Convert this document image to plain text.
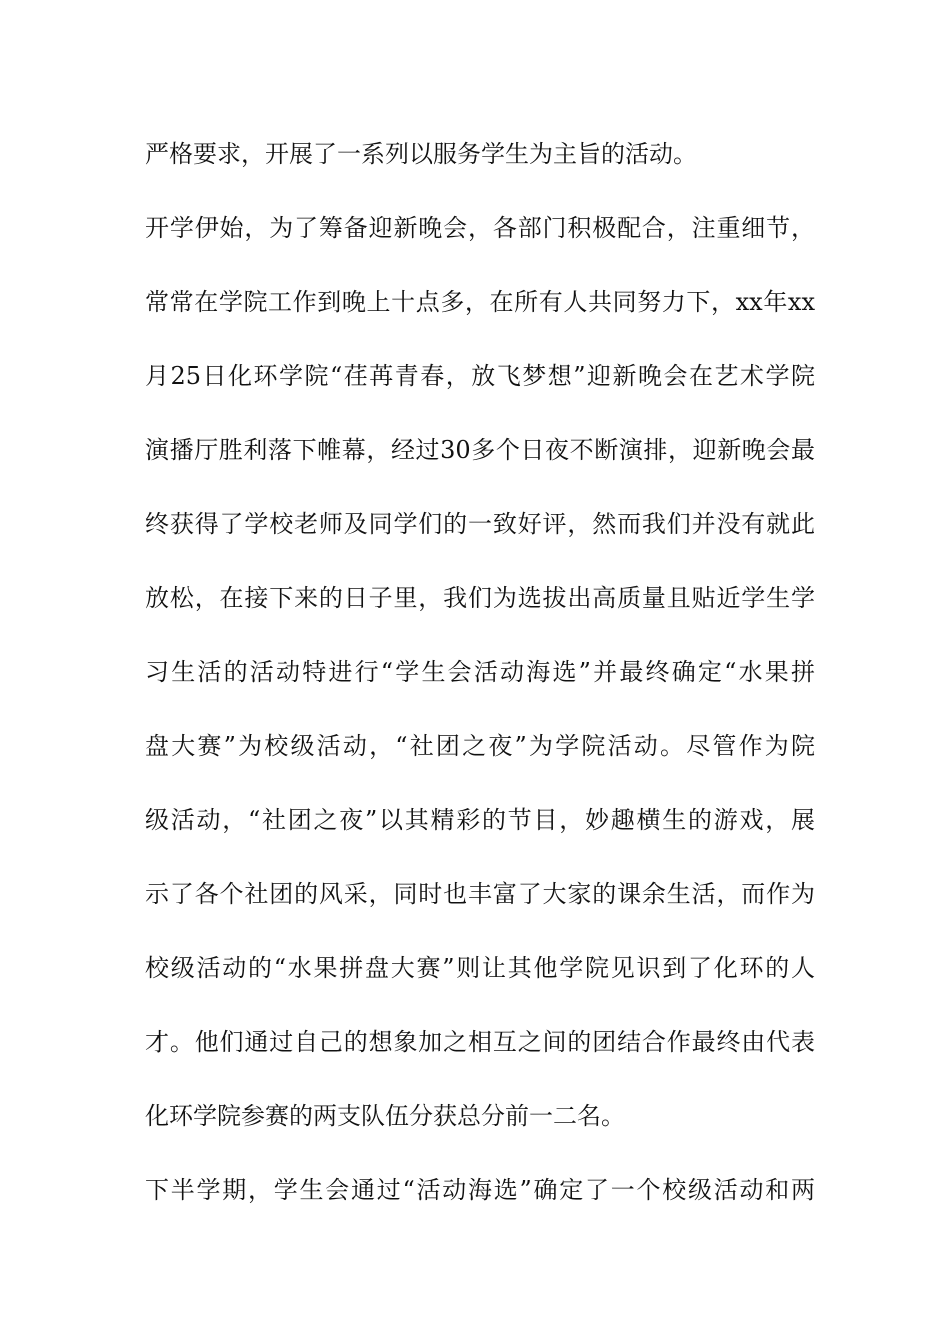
严格要求，开展了一系列以服务学生为主旨的活动。
开学伊始，为了筹备迎新晚会，各部门积极配合，注重细节，
常常在学院工作到晚上十点多，在所有人共同努力下，xx年xx
月25日化环学院“荏苒青春，放飞梦想”迎新晚会在艺术学院
演播厅胜利落下帷幕，经过30多个日夜不断演排，迎新晚会最
终获得了学校老师及同学们的一致好评，然而我们并没有就此
放松，在接下来的日子里，我们为选拔出高质量且贴近学生学
习生活的活动特进行“学生会活动海选”并最终确定“水果拼
盘大赛”为校级活动，“社团之夜”为学院活动。尽管作为院
级活动，“社团之夜”以其精彩的节目，妙趣横生的游戏，展
示了各个社团的风采，同时也丰富了大家的课余生活，而作为
校级活动的“水果拼盘大赛”则让其他学院见识到了化环的人
才。他们通过自己的想象加之相互之间的团结合作最终由代表
化环学院参赛的两支队伍分获总分前一二名。
下半学期，学生会通过“活动海选”确定了一个校级活动和两
